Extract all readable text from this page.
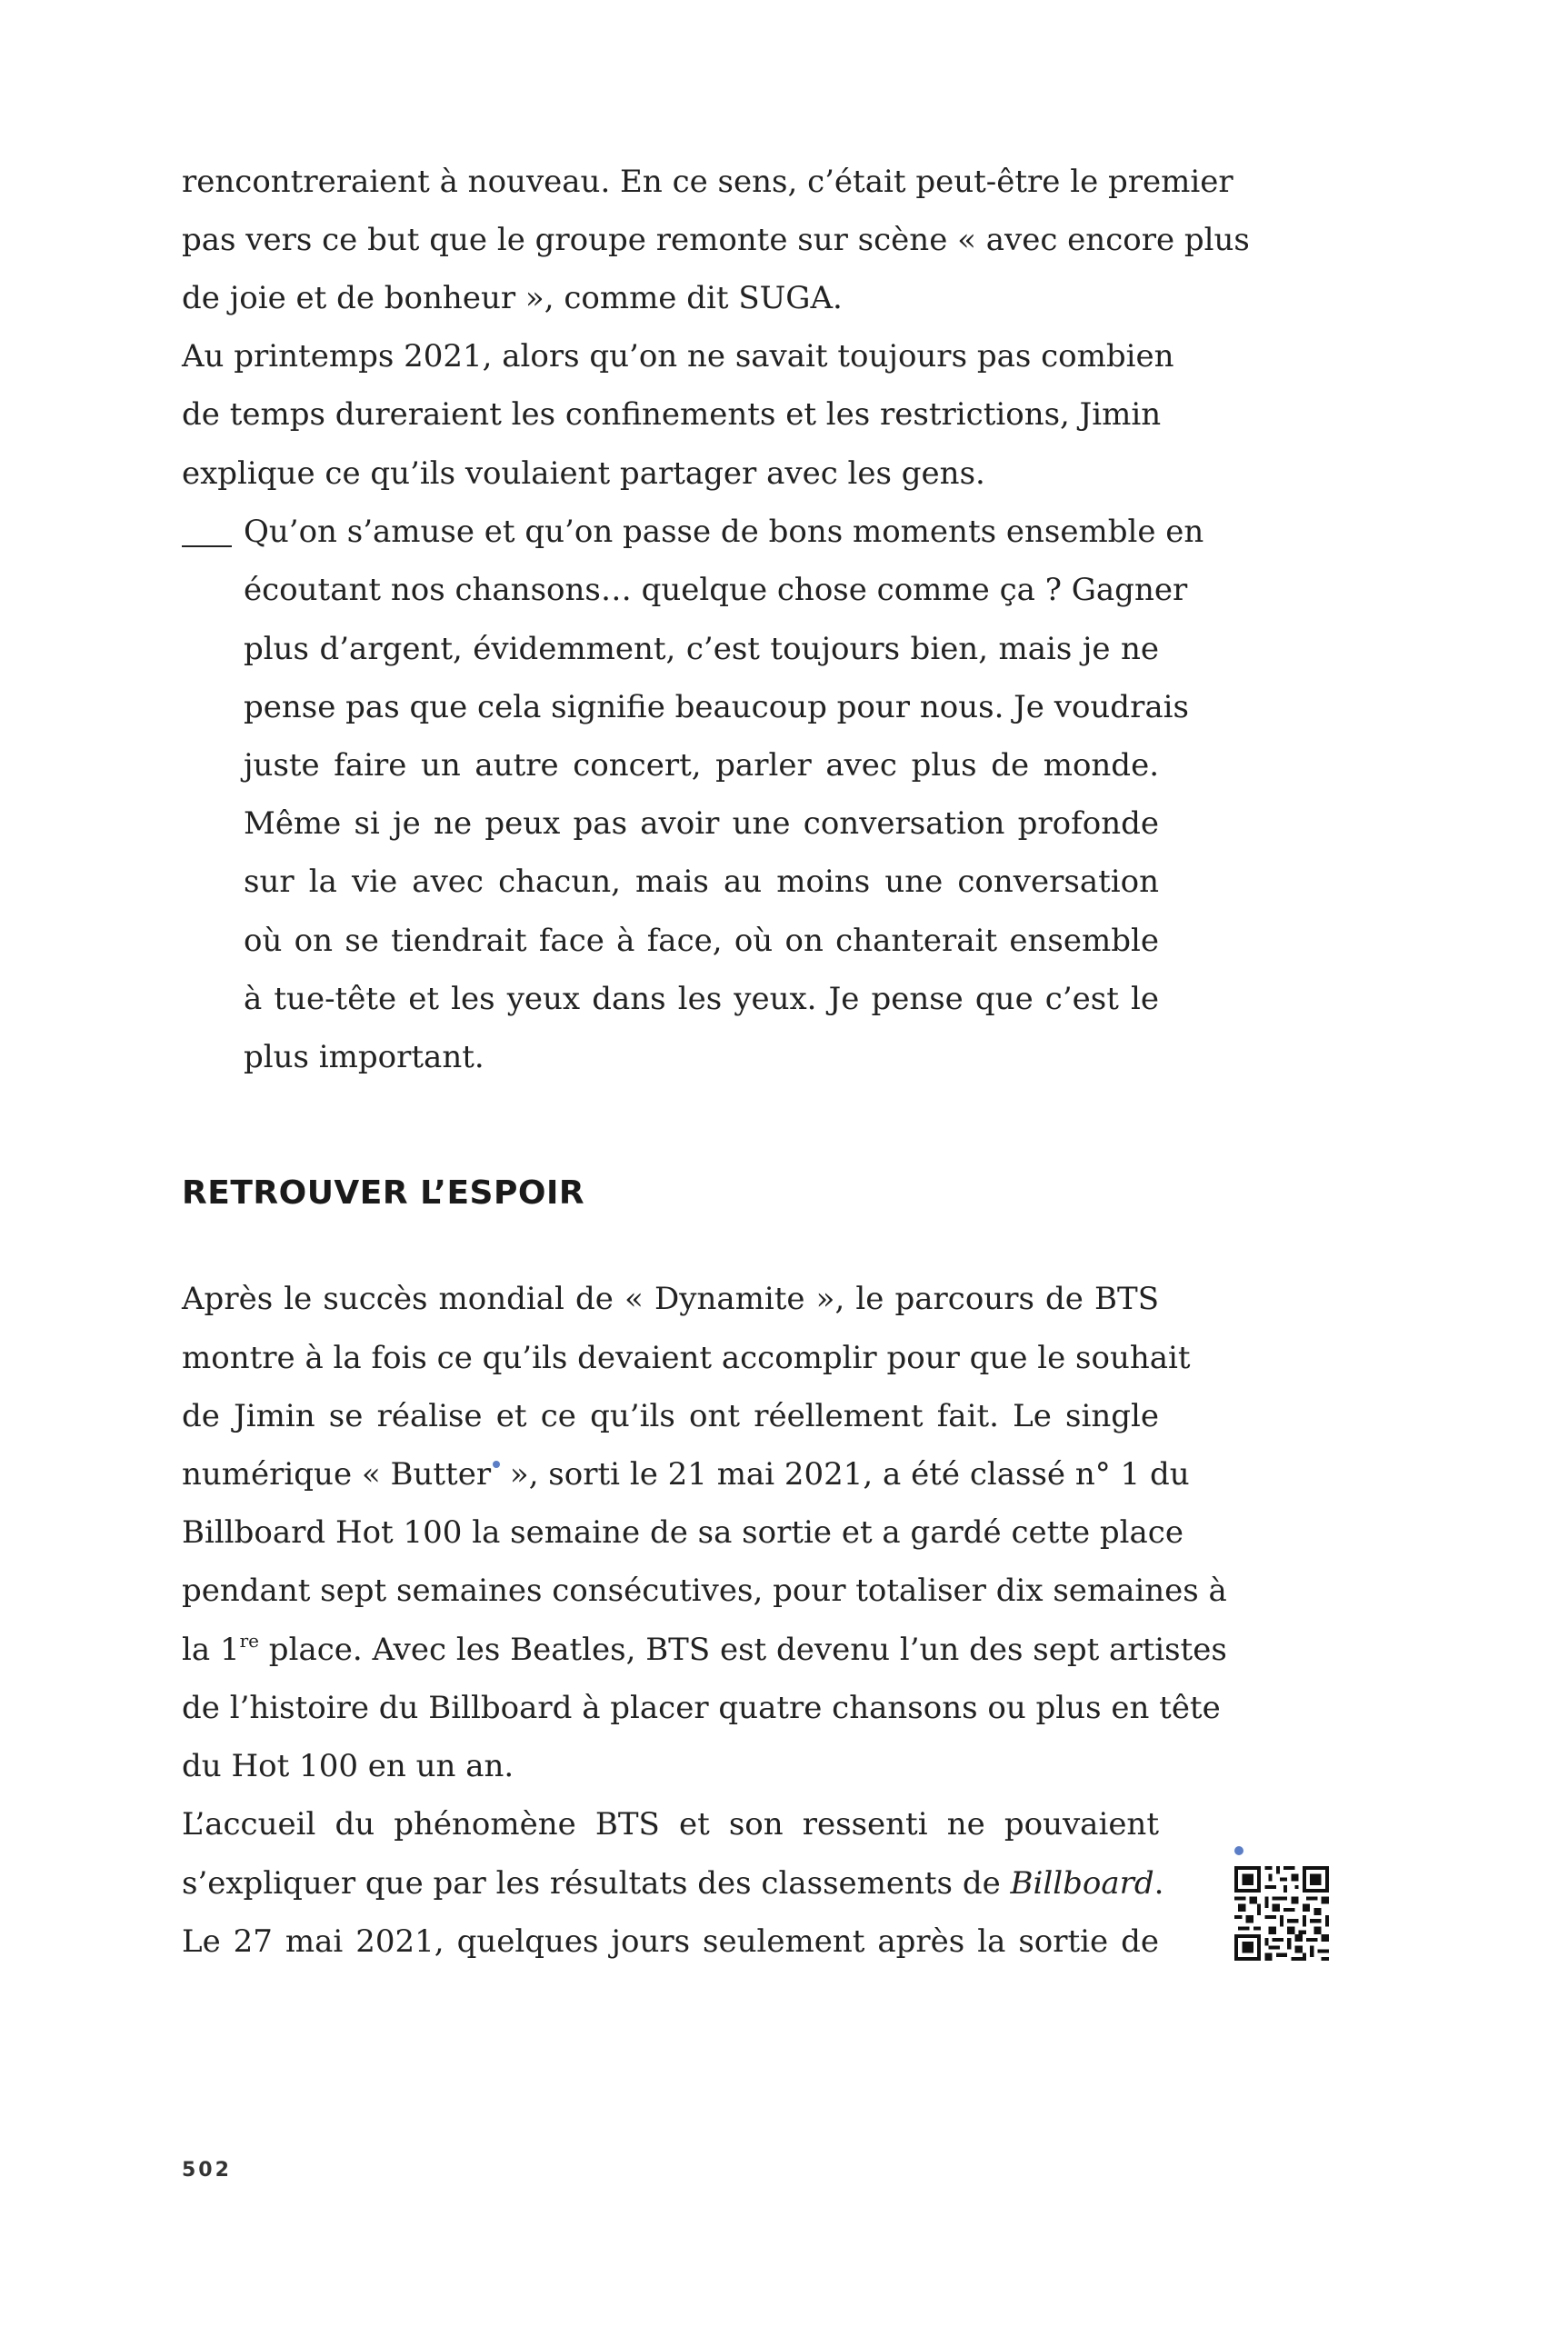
rencontreraient à nouveau. En ce sens, c’était peut-être le premier
pas vers ce but que le groupe remonte sur scène « avec encore plus
de joie et de bonheur », comme dit SUGA.
Au printemps 2021, alors qu’on ne savait toujours pas combien
de temps dureraient les confinements et les restrictions, Jimin
explique ce qu’ils voulaient partager avec les gens.
Qu’on s’amuse et qu’on passe de bons moments ensemble en
écoutant nos chansons… quelque chose comme ça ? Gagner
plus d’argent, évidemment, c’est toujours bien, mais je ne
pense pas que cela signifie beaucoup pour nous. Je voudrais
juste faire un autre concert, parler avec plus de monde.
Même si je ne peux pas avoir une conversation profonde
sur la vie avec chacun, mais au moins une conversation
où on se tiendrait face à face, où on chanterait ensemble
à tue-tête et les yeux dans les yeux. Je pense que c’est le
plus important.
RETROUVER L’ESPOIR
Après le succès mondial de « Dynamite », le parcours de BTS
montre à la fois ce qu’ils devaient accomplir pour que le souhait
de Jimin se réalise et ce qu’ils ont réellement fait. Le single
numérique « Butter », sorti le 21 mai 2021, a été classé n° 1 du
Billboard Hot 100 la semaine de sa sortie et a gardé cette place
pendant sept semaines consécutives, pour totaliser dix semaines à
la 1re place. Avec les Beatles, BTS est devenu l’un des sept artistes
de l’histoire du Billboard à placer quatre chansons ou plus en tête
du Hot 100 en un an.
L’accueil du phénomène BTS et son ressenti ne pouvaient
s’expliquer que par les résultats des classements de Billboard.
Le 27 mai 2021, quelques jours seulement après la sortie de
502
